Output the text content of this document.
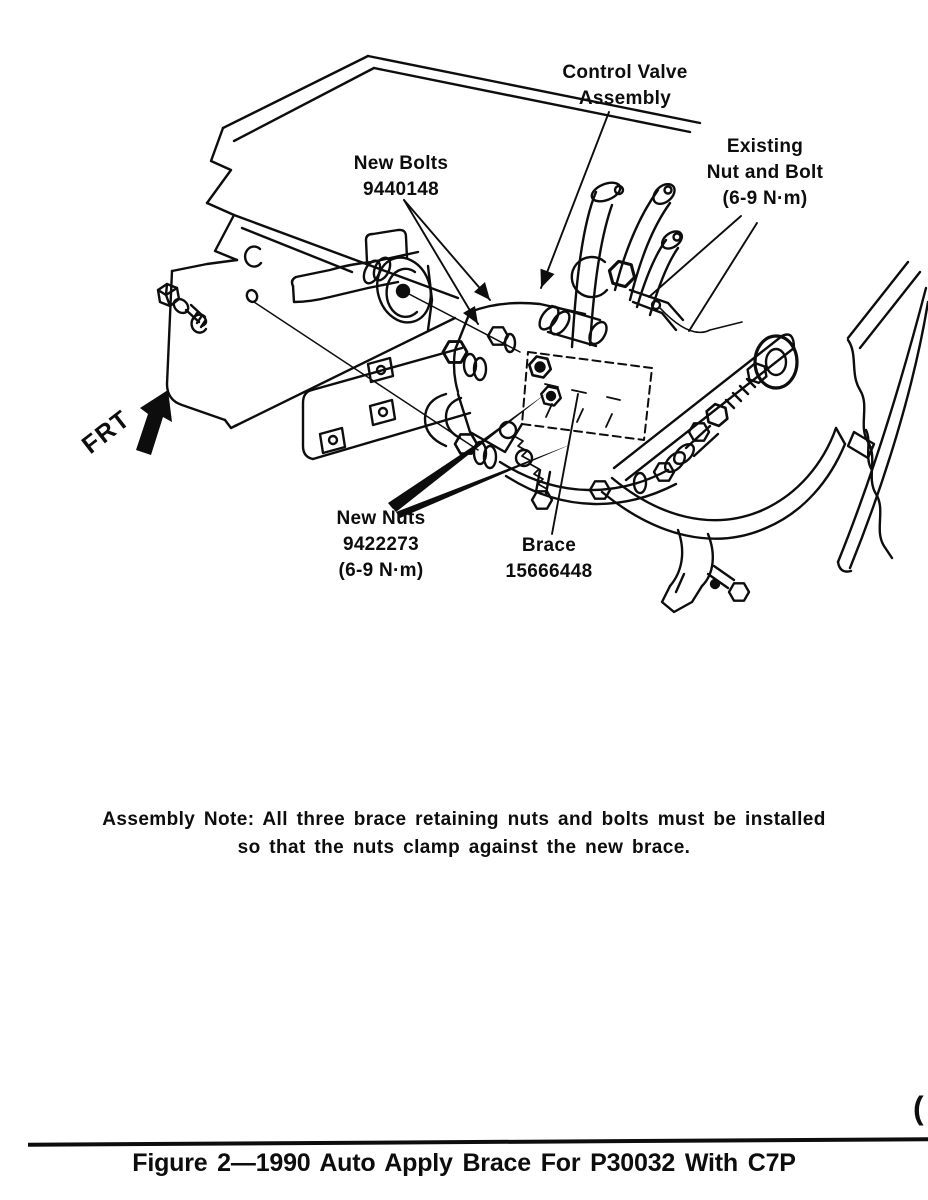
Control Valve
Assembly
New Bolts
9440148
Existing
Nut and Bolt
(6-9 N·m)
New Nuts
9422273
(6-9 N·m)
Brace
15666448
FRT
Assembly Note: All three brace retaining nuts and bolts must be installed
so that the nuts clamp against the new brace.
(
Figure 2—1990 Auto Apply Brace For P30032 With C7P
